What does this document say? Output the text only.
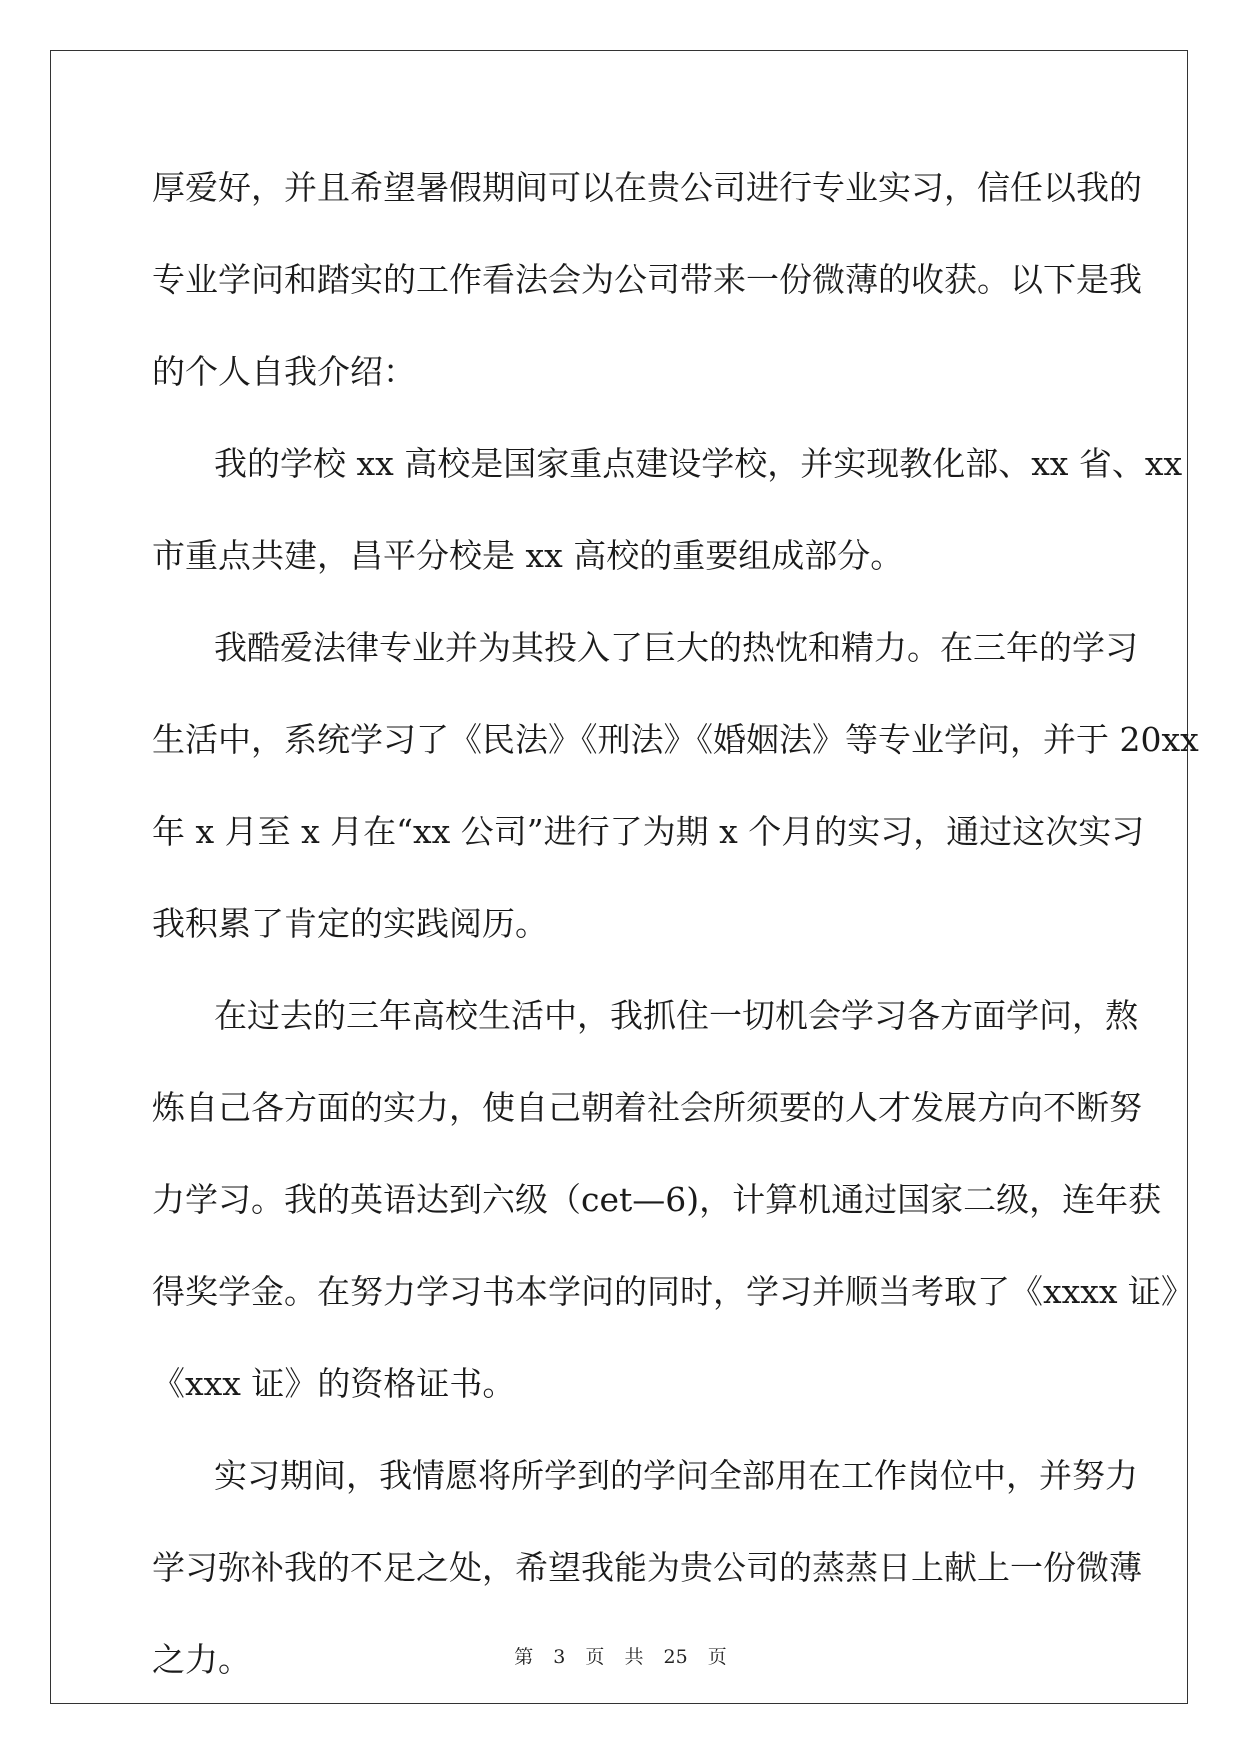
厚爱好，并且希望暑假期间可以在贵公司进行专业实习，信任以我的
专业学问和踏实的工作看法会为公司带来一份微薄的收获。以下是我
的个人自我介绍：
我的学校 xx 高校是国家重点建设学校，并实现教化部、xx 省、xx
市重点共建，昌平分校是 xx 高校的重要组成部分。
我酷爱法律专业并为其投入了巨大的热忱和精力。在三年的学习
生活中，系统学习了《民法》《刑法》《婚姻法》等专业学问，并于 20xx
年 x 月至 x 月在“xx 公司”进行了为期 x 个月的实习，通过这次实习
我积累了肯定的实践阅历。
在过去的三年高校生活中，我抓住一切机会学习各方面学问，熬
炼自己各方面的实力，使自己朝着社会所须要的人才发展方向不断努
力学习。我的英语达到六级（cet—6)，计算机通过国家二级，连年获
得奖学金。在努力学习书本学问的同时，学习并顺当考取了《xxxx 证》
《xxx 证》的资格证书。
实习期间，我情愿将所学到的学问全部用在工作岗位中，并努力
学习弥补我的不足之处，希望我能为贵公司的蒸蒸日上献上一份微薄
之力。	第 3 页 共 25 页
